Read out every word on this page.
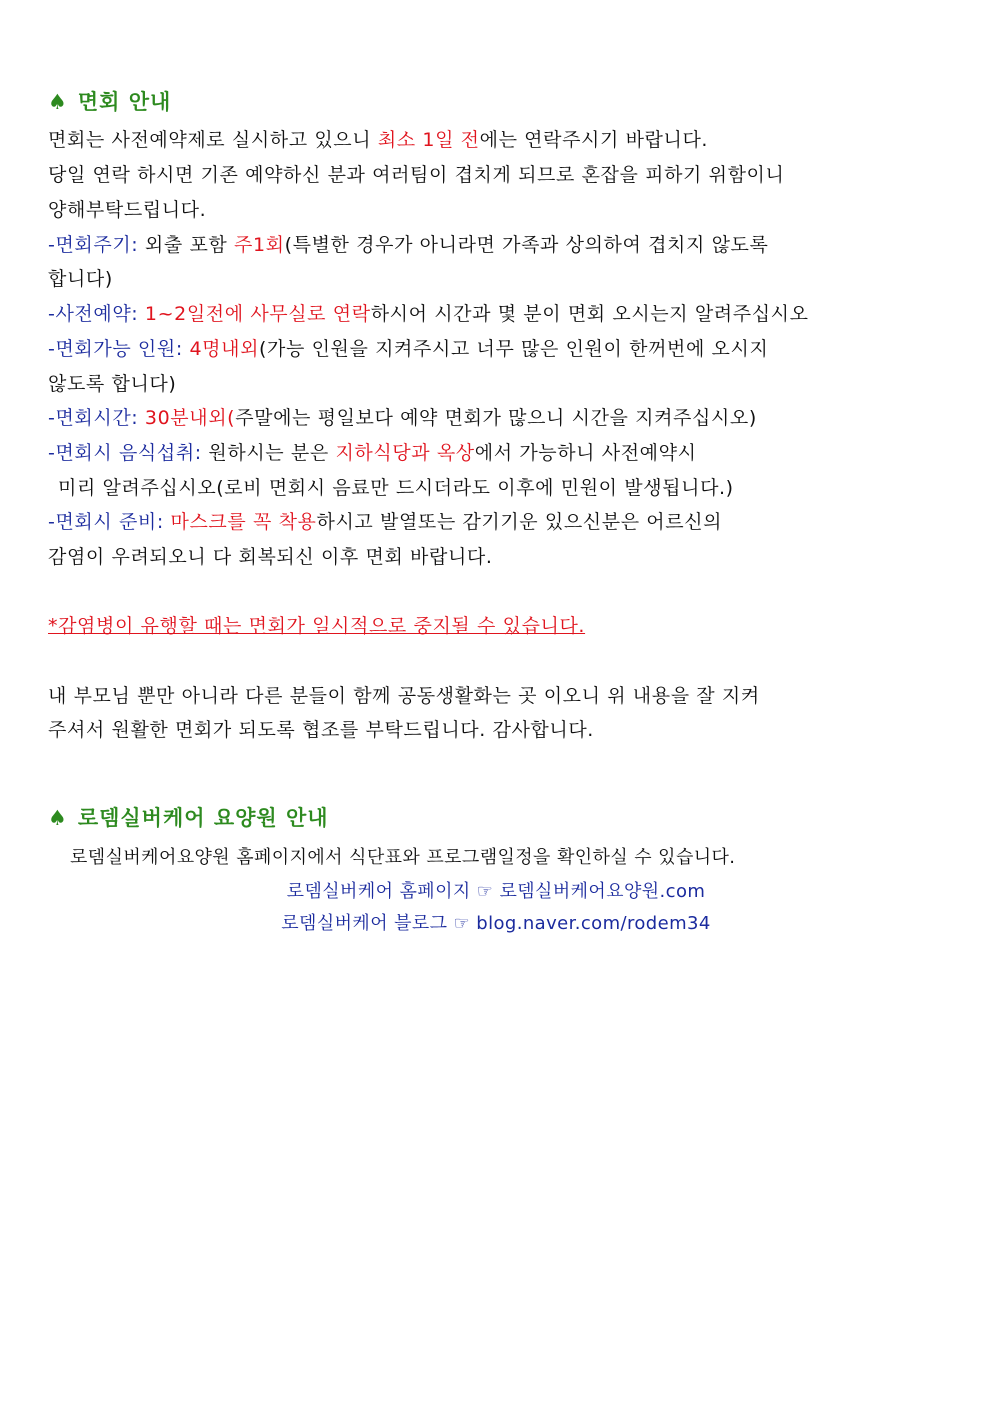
♠ 면회 안내
면회는 사전예약제로 실시하고 있으니 최소 1일 전에는 연락주시기 바랍니다.
당일 연락 하시면 기존 예약하신 분과 여러팀이 겹치게 되므로 혼잡을 피하기 위함이니
양해부탁드립니다.
-면회주기: 외출 포함 주1회(특별한 경우가 아니라면 가족과 상의하여 겹치지 않도록
합니다)
-사전예약: 1~2일전에 사무실로 연락하시어 시간과 몇 분이 면회 오시는지 알려주십시오
-면회가능 인원: 4명내외(가능 인원을 지켜주시고 너무 많은 인원이 한꺼번에 오시지
않도록 합니다)
-면회시간: 30분내외(주말에는 평일보다 예약 면회가 많으니 시간을 지켜주십시오)
-면회시 음식섭취: 원하시는 분은 지하식당과 옥상에서 가능하니 사전예약시
미리 알려주십시오(로비 면회시 음료만 드시더라도 이후에 민원이 발생됩니다.)
-면회시 준비: 마스크를 꼭 착용하시고 발열또는 감기기운 있으신분은 어르신의
감염이 우려되오니 다 회복되신 이후 면회 바랍니다.
*감염병이 유행할 때는 면회가 일시적으로 중지될 수 있습니다.
내 부모님 뿐만 아니라 다른 분들이 함께 공동생활화는 곳 이오니 위 내용을 잘 지켜
주셔서 원활한 면회가 되도록 협조를 부탁드립니다. 감사합니다.
♠ 로뎀실버케어 요양원 안내
로뎀실버케어요양원 홈페이지에서 식단표와 프로그램일정을 확인하실 수 있습니다.
로뎀실버케어 홈페이지 ☞ 로뎀실버케어요양원.com
로뎀실버케어 블로그 ☞ blog.naver.com/rodem34
